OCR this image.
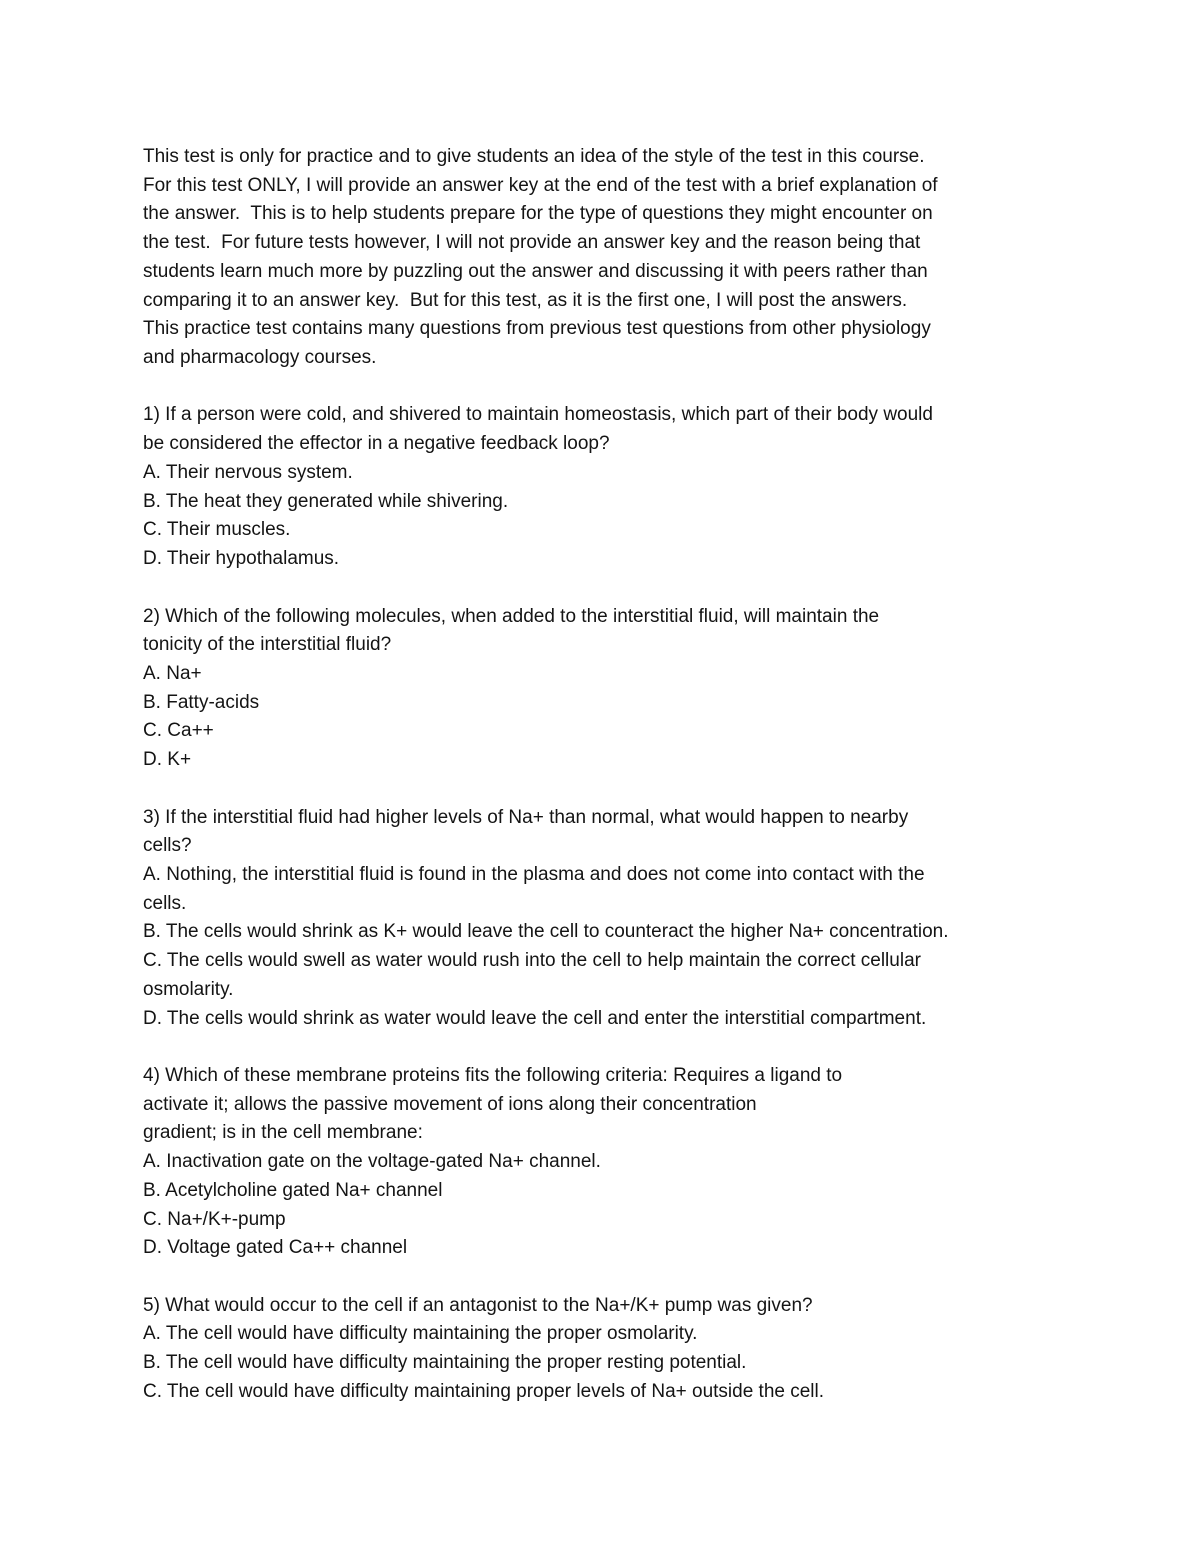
This test is only for practice and to give students an idea of the style of the test in this course.
For this test ONLY, I will provide an answer key at the end of the test with a brief explanation of
the answer.  This is to help students prepare for the type of questions they might encounter on
the test.  For future tests however, I will not provide an answer key and the reason being that
students learn much more by puzzling out the answer and discussing it with peers rather than
comparing it to an answer key.  But for this test, as it is the first one, I will post the answers.
This practice test contains many questions from previous test questions from other physiology
and pharmacology courses.
1) If a person were cold, and shivered to maintain homeostasis, which part of their body would
be considered the effector in a negative feedback loop?
A. Their nervous system.
B. The heat they generated while shivering.
C. Their muscles.
D. Their hypothalamus.
2) Which of the following molecules, when added to the interstitial fluid, will maintain the
tonicity of the interstitial fluid?
A. Na+
B. Fatty-acids
C. Ca++
D. K+
3) If the interstitial fluid had higher levels of Na+ than normal, what would happen to nearby
cells?
A. Nothing, the interstitial fluid is found in the plasma and does not come into contact with the
cells.
B. The cells would shrink as K+ would leave the cell to counteract the higher Na+ concentration.
C. The cells would swell as water would rush into the cell to help maintain the correct cellular
osmolarity.
D. The cells would shrink as water would leave the cell and enter the interstitial compartment.
4) Which of these membrane proteins fits the following criteria: Requires a ligand to
activate it; allows the passive movement of ions along their concentration
gradient; is in the cell membrane:
A. Inactivation gate on the voltage-gated Na+ channel.
B. Acetylcholine gated Na+ channel
C. Na+/K+-pump
D. Voltage gated Ca++ channel
5) What would occur to the cell if an antagonist to the Na+/K+ pump was given?
A. The cell would have difficulty maintaining the proper osmolarity.
B. The cell would have difficulty maintaining the proper resting potential.
C. The cell would have difficulty maintaining proper levels of Na+ outside the cell.
